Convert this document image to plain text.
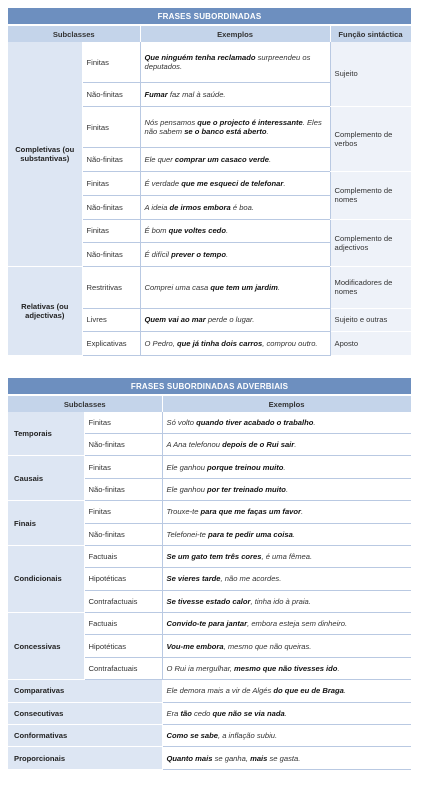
FRASES SUBORDINADAS			
Subclasses		Exemplos	Função sintáctica
Completivas (ou substantivas)	Finitas	Que ninguém tenha reclamado surpreendeu os deputados.	Sujeito
	Não-finitas	Fumar faz mal à saúde.	
	Finitas	Nós pensamos que o projecto é interessante. Eles não sabem se o banco está aberto.	Complemento de verbos
	Não-finitas	Ele quer comprar um casaco verde.	
	Finitas	É verdade que me esqueci de telefonar.	Complemento de nomes
	Não-finitas	A ideia de irmos embora é boa.	
	Finitas	É bom que voltes cedo.	Complemento de adjectivos
	Não-finitas	É difícil prever o tempo.	
Relativas (ou adjectivas)	Restritivas	Comprei uma casa que tem um jardim.	Modificadores de nomes
	Livres	Quem vai ao mar perde o lugar.	Sujeito e outras
	Explicativas	O Pedro, que já tinha dois carros, comprou outro.	Aposto
FRASES SUBORDINADAS ADVERBIAIS		
Subclasses		Exemplos
Temporais	Finitas	Só volto quando tiver acabado o trabalho.
	Não-finitas	A Ana telefonou depois de o Rui sair.
Causais	Finitas	Ele ganhou porque treinou muito.
	Não-finitas	Ele ganhou por ter treinado muito.
Finais	Finitas	Trouxe-te para que me faças um favor.
	Não-finitas	Telefonei-te para te pedir uma coisa.
Condicionais	Factuais	Se um gato tem três cores, é uma fêmea.
	Hipotéticas	Se vieres tarde, não me acordes.
	Contrafactuais	Se tivesse estado calor, tinha ido à praia.
Concessivas	Factuais	Convido-te para jantar, embora esteja sem dinheiro.
	Hipotéticas	Vou-me embora, mesmo que não queiras.
	Contrafactuais	O Rui ia mergulhar, mesmo que não tivesses ido.
Comparativas		Ele demora mais a vir de Algés do que eu de Braga.
Consecutivas		Era tão cedo que não se via nada.
Conformativas		Como se sabe, a inflação subiu.
Proporcionais		Quanto mais se ganha, mais se gasta.
